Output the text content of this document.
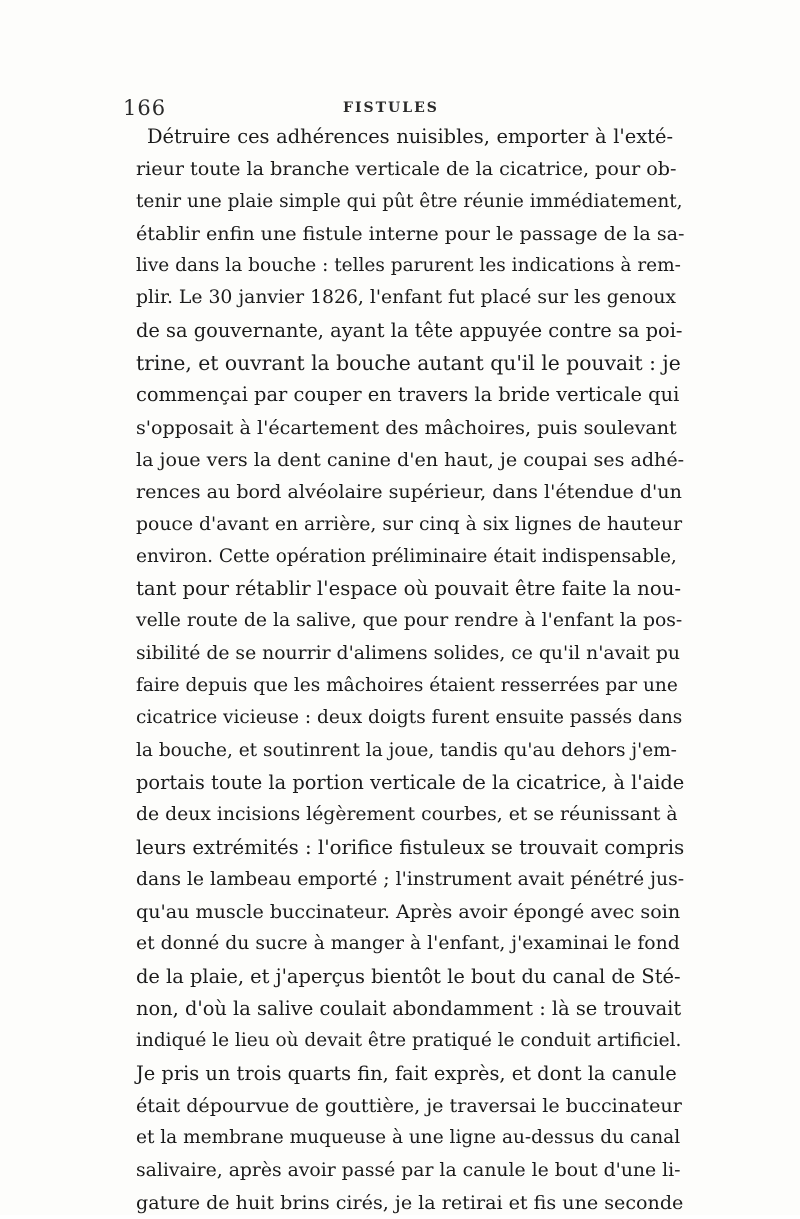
166	FISTULES
Détruire ces adhérences nuisibles, emporter à l'exté-
rieur toute la branche verticale de la cicatrice, pour ob-
tenir une plaie simple qui pût être réunie immédiatement,
établir enfin une fistule interne pour le passage de la sa-
live dans la bouche : telles parurent les indications à rem-
plir. Le 30 janvier 1826, l'enfant fut placé sur les genoux
de sa gouvernante, ayant la tête appuyée contre sa poi-
trine, et ouvrant la bouche autant qu'il le pouvait : je
commençai par couper en travers la bride verticale qui
s'opposait à l'écartement des mâchoires, puis soulevant
la joue vers la dent canine d'en haut, je coupai ses adhé-
rences au bord alvéolaire supérieur, dans l'étendue d'un
pouce d'avant en arrière, sur cinq à six lignes de hauteur
environ. Cette opération préliminaire était indispensable,
tant pour rétablir l'espace où pouvait être faite la nou-
velle route de la salive, que pour rendre à l'enfant la pos-
sibilité de se nourrir d'alimens solides, ce qu'il n'avait pu
faire depuis que les mâchoires étaient resserrées par une
cicatrice vicieuse : deux doigts furent ensuite passés dans
la bouche, et soutinrent la joue, tandis qu'au dehors j'em-
portais toute la portion verticale de la cicatrice, à l'aide
de deux incisions légèrement courbes, et se réunissant à
leurs extrémités : l'orifice fistuleux se trouvait compris
dans le lambeau emporté ; l'instrument avait pénétré jus-
qu'au muscle buccinateur. Après avoir épongé avec soin
et donné du sucre à manger à l'enfant, j'examinai le fond
de la plaie, et j'aperçus bientôt le bout du canal de Sté-
non, d'où la salive coulait abondamment : là se trouvait
indiqué le lieu où devait être pratiqué le conduit artificiel.
Je pris un trois quarts fin, fait exprès, et dont la canule
était dépourvue de gouttière, je traversai le buccinateur
et la membrane muqueuse à une ligne au-dessus du canal
salivaire, après avoir passé par la canule le bout d'une li-
gature de huit brins cirés, je la retirai et fis une seconde
